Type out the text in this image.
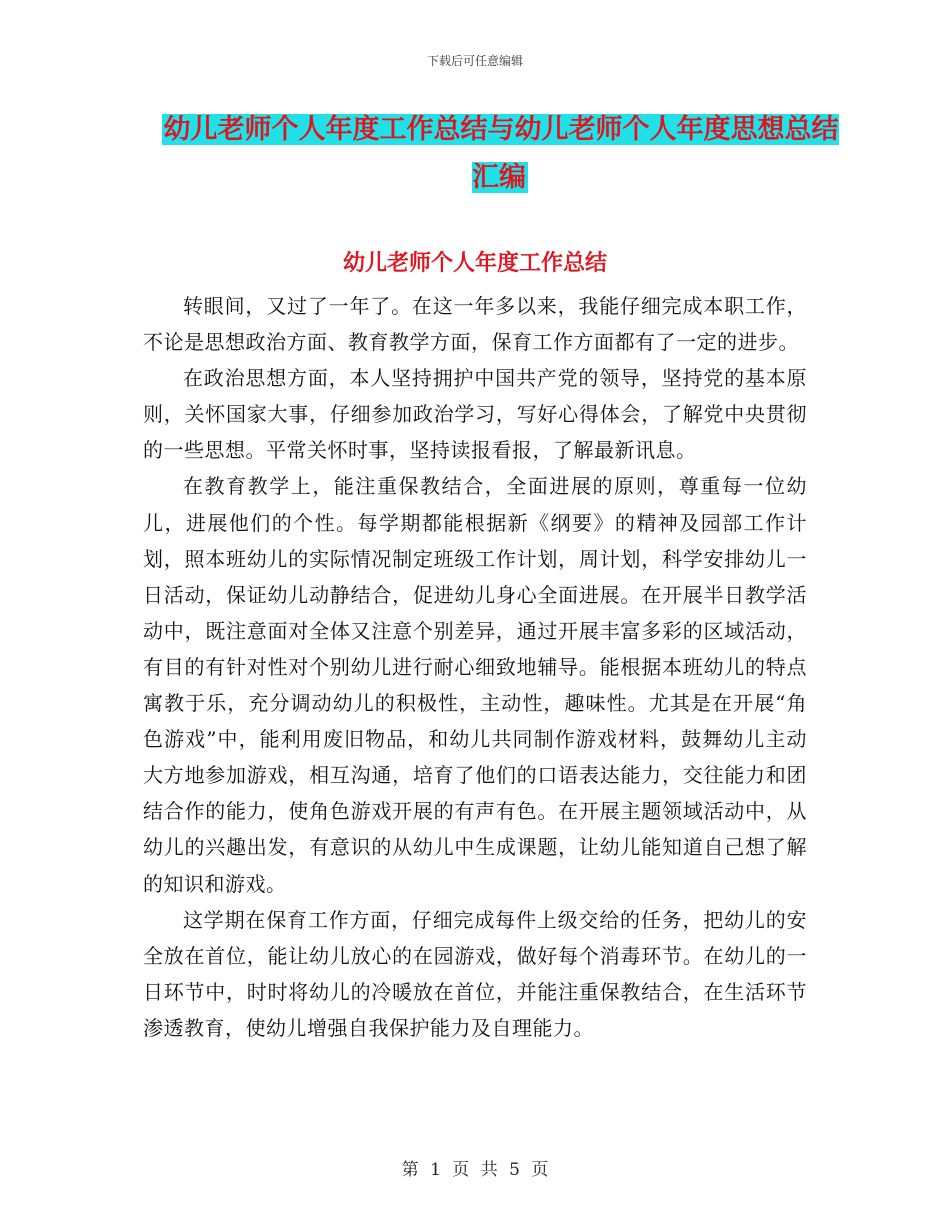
下载后可任意编辑
幼儿老师个人年度工作总结与幼儿老师个人年度思想总结汇编
幼儿老师个人年度工作总结

转眼间，又过了一年了。在这一年多以来，我能仔细完成本职工作，不论是思想政治方面、教育教学方面，保育工作方面都有了一定的进步。

在政治思想方面，本人坚持拥护中国共产党的领导，坚持党的基本原则，关怀国家大事，仔细参加政治学习，写好心得体会，了解党中央贯彻的一些思想。平常关怀时事，坚持读报看报，了解最新讯息。

在教育教学上，能注重保教结合，全面进展的原则，尊重每一位幼儿，进展他们的个性。每学期都能根据新《纲要》的精神及园部工作计划，照本班幼儿的实际情况制定班级工作计划，周计划，科学安排幼儿一日活动，保证幼儿动静结合，促进幼儿身心全面进展。在开展半日教学活动中，既注意面对全体又注意个别差异，通过开展丰富多彩的区域活动，有目的有针对性对个别幼儿进行耐心细致地辅导。能根据本班幼儿的特点寓教于乐，充分调动幼儿的积极性，主动性，趣味性。尤其是在开展“角色游戏”中，能利用废旧物品，和幼儿共同制作游戏材料，鼓舞幼儿主动大方地参加游戏，相互沟通，培育了他们的口语表达能力，交往能力和团结合作的能力，使角色游戏开展的有声有色。在开展主题领域活动中，从幼儿的兴趣出发，有意识的从幼儿中生成课题，让幼儿能知道自己想了解的知识和游戏。

这学期在保育工作方面，仔细完成每件上级交给的任务，把幼儿的安全放在首位，能让幼儿放心的在园游戏，做好每个消毒环节。在幼儿的一日环节中，时时将幼儿的冷暖放在首位，并能注重保教结合，在生活环节渗透教育，使幼儿增强自我保护能力及自理能力。

第 1 页 共 5 页
